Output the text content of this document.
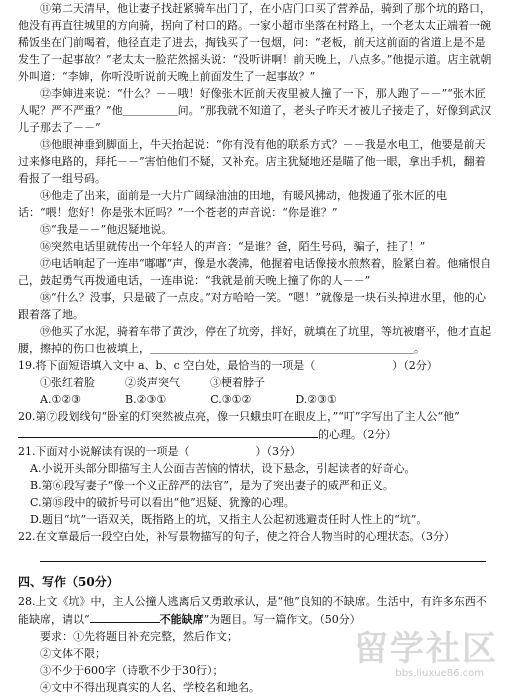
⑪第二天清早，他让妻子找赶紧骑车出门了，在小店门口买了营养品，骑到了那个坑的路口，他没有再直往城里的方向骑，拐向了村口的路。一家小超市坐落在村路上，一个老太太正端着一碗稀饭坐在门前喝着，他径直走了进去，掏钱买了一包烟，问：“老板，前天这前面的省道上是不是发生了一起事故？”老太太一脸茫然摇头说：“没听讲啊！前天晚上，八点多。”他提示道。店主就朝外叫道：“李婶，你听没听说前天晚上前面发生了一起事故？”

⑫李婶进来说：“什么？－－哦！好像张木匠前天夜里被人撞了一下，那人跑了－－”“张木匠人呢？严不严重？”他＿＿＿＿＿问。“那我就不知道了，老头子昨天才被儿子接走了，好像到武汉儿子那去了－－”

⑬他眼神垂到脚面上，牛天抬起说：“你有没有他的联系方式？－－我是水电工，他要是前天过来修电路的，拜托－－”害怕他们不疑，又补充。店主犹疑地还是瞄了他一眼，拿出手机，翻着看报了一组号码。

⑭他走了出来，面前是一大片广阔绿油油的田地，有暖风拂动，他拨通了张木匠的电话：“喂！您好！你是张木匠吗？”一个苍老的声音说：“你是谁？”

⑮“我是－－”他迟疑地说。

⑯突然电话里就传出一个年轻人的声音：“是谁？爸，陌生号码，骗子，挂了！”

⑰电话响起了一连串“嘟嘟”声，像是水袭沸，他握着电话像接水煎熬着，脸紧白着。他痛恨自己，鼓起勇气再拨通电话，一连串说：“我就是前天晚上撞了你的人－－”

⑱“什么？没事，只是破了一点皮。”对方哈哈一笑。“嗯！”就像是一块石头掉进水里，他的心跟着落了地。

⑲他买了水泥，骑着车带了黄沙，停在了坑旁，拌好，就填在了坑里，等坑被磨平，他才直起腰，擦掉的伤口也被填上，＿＿＿＿＿＿＿＿＿＿＿＿＿＿＿＿＿＿＿＿＿＿＿＿。

19.将下面短语填入文中 a、b、c 空白处，最恰当的一项是（　　　　　　　）（2分）

①张红着脸	②炎声突气	③梗着脖子
A.①②③	B.②③①	C.③①②	D.②③①

20.第⑦段划线句“卧室的灯突然被点亮，像一只蛾虫叮在眼皮上，”“叮”字写出了主人公“他”

的心理。（2分）

21.下面对小说解读有误的一项是（　　　　　　）（3分）

A.小说开头部分即描写主人公面吉苦恼的情状，设下悬念，引起读者的好奇心。

B.第⑥段写妻子“像一个义正辞严的法官”，是为了突出妻子的威严和正义。

C.第⑮段中的破折号可以看出“他”迟疑、犹豫的心理。

D.题目“坑”一语双关，既指路上的坑，又指主人公起初逃避责任时人性上的“坑”。

22.在文章最后一段空白处，补写景物描写的句子，使之符合人物当时的心理状态。（3分）

四、写作（50分）

28.上文《坑》中，主人公撞人逃离后又勇敢承认，是“他”良知的不缺席。生活中，有许多东西不能缺席，请以“	不能缺席”为题目。写一篇作文。（50分）

要求：①先将题目补充完整，然后作文；
②文体不限；
③不少于600字（诗歌不少于30行）；
④文中不得出现真实的人名、学校名和地名。
留学社区
bbs.liuxue86.com
